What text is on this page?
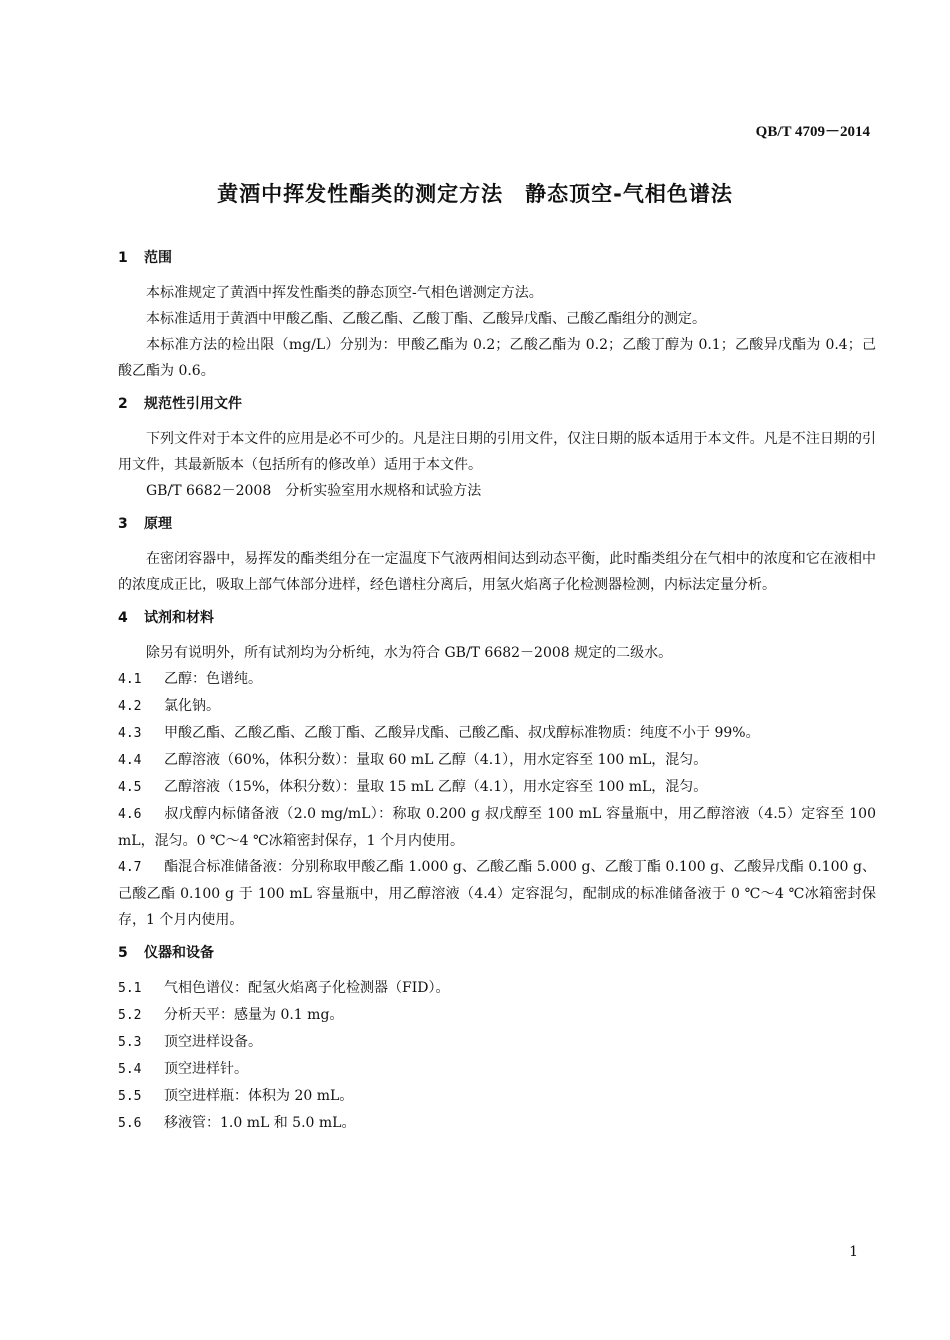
QB/T 4709－2014
黄酒中挥发性酯类的测定方法　静态顶空-气相色谱法
1 范围

本标准规定了黄酒中挥发性酯类的静态顶空-气相色谱测定方法。

本标准适用于黄酒中甲酸乙酯、乙酸乙酯、乙酸丁酯、乙酸异戊酯、己酸乙酯组分的测定。

本标准方法的检出限（mg/L）分别为：甲酸乙酯为 0.2；乙酸乙酯为 0.2；乙酸丁醇为 0.1；乙酸异戊酯为 0.4；己酸乙酯为 0.6。

2 规范性引用文件

下列文件对于本文件的应用是必不可少的。凡是注日期的引用文件，仅注日期的版本适用于本文件。凡是不注日期的引用文件，其最新版本（包括所有的修改单）适用于本文件。

GB/T 6682－2008　分析实验室用水规格和试验方法

3 原理

在密闭容器中，易挥发的酯类组分在一定温度下气液两相间达到动态平衡，此时酯类组分在气相中的浓度和它在液相中的浓度成正比，吸取上部气体部分进样，经色谱柱分离后，用氢火焰离子化检测器检测，内标法定量分析。

4 试剂和材料

除另有说明外，所有试剂均为分析纯，水为符合 GB/T 6682－2008 规定的二级水。

4.1 乙醇：色谱纯。

4.2 氯化钠。

4.3 甲酸乙酯、乙酸乙酯、乙酸丁酯、乙酸异戊酯、己酸乙酯、叔戊醇标准物质：纯度不小于 99%。

4.4 乙醇溶液（60%，体积分数）：量取 60 mL 乙醇（4.1），用水定容至 100 mL，混匀。

4.5 乙醇溶液（15%，体积分数）：量取 15 mL 乙醇（4.1），用水定容至 100 mL，混匀。

4.6 叔戊醇内标储备液（2.0 mg/mL）：称取 0.200 g 叔戊醇至 100 mL 容量瓶中，用乙醇溶液（4.5）定容至 100 mL，混匀。0 ℃～4 ℃冰箱密封保存，1 个月内使用。

4.7 酯混合标准储备液：分别称取甲酸乙酯 1.000 g、乙酸乙酯 5.000 g、乙酸丁酯 0.100 g、乙酸异戊酯 0.100 g、己酸乙酯 0.100 g 于 100 mL 容量瓶中，用乙醇溶液（4.4）定容混匀，配制成的标准储备液于 0 ℃～4 ℃冰箱密封保存，1 个月内使用。

5 仪器和设备

5.1 气相色谱仪：配氢火焰离子化检测器（FID）。

5.2 分析天平：感量为 0.1 mg。

5.3 顶空进样设备。

5.4 顶空进样针。

5.5 顶空进样瓶：体积为 20 mL。

5.6 移液管：1.0 mL 和 5.0 mL。

1
